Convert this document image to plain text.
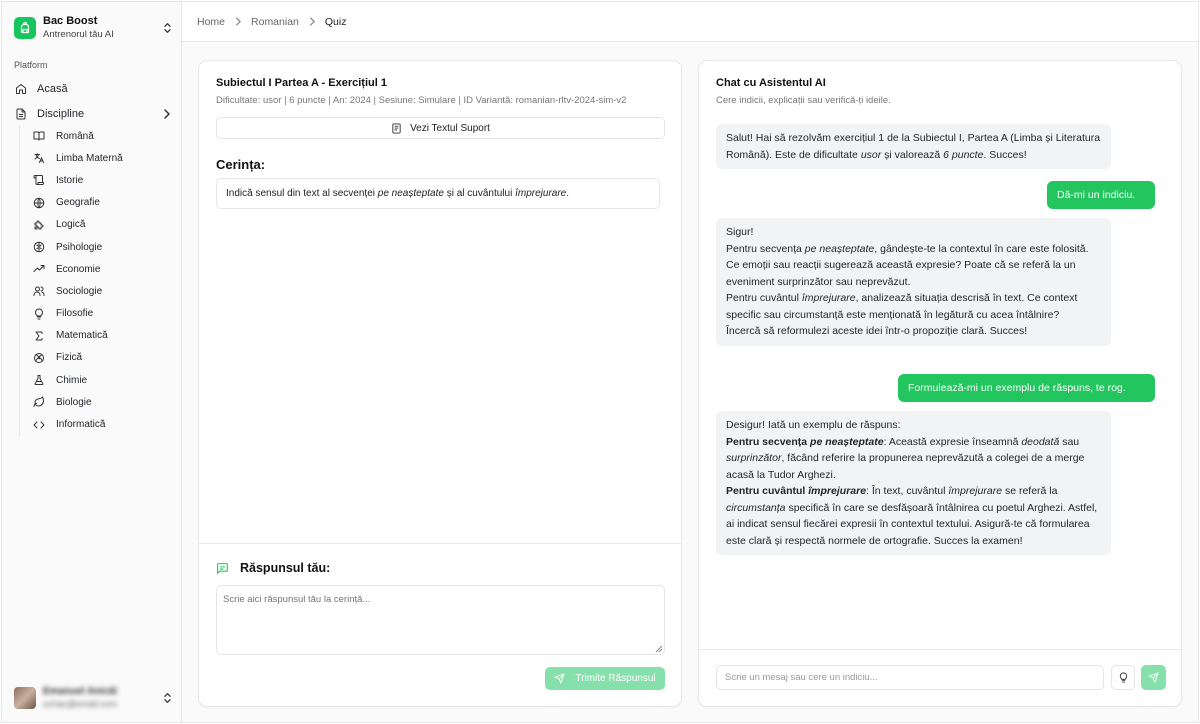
Bac Boost
Antrenorul tău AI
Platform
Acasă
Discipline
Română
Limba Maternă
Istorie
Geografie
Logică
Psihologie
Economie
Sociologie
Filosofie
Matematică
Fizică
Chimie
Biologie
Informatică
Emanuel Anicăi
ochac@email.com
Home Romanian Quiz
Subiectul I Partea A - Exercițiul 1
Dificultate: usor | 6 puncte | An: 2024 | Sesiune: Simulare | ID Variantă: romanian-rltv-2024-sim-v2
Vezi Textul Suport
Cerința:
Indică sensul din text al secvenței pe neașteptate și al cuvântului împrejurare.
Răspunsul tău:
Scrie aici răspunsul tău la cerință...
Trimite Răspunsul
Chat cu Asistentul AI
Cere indicii, explicații sau verifică-ți ideile.
Salut! Hai să rezolvăm exercițiul 1 de la Subiectul I, Partea A (Limba și Literatura Română). Este de dificultate usor și valorează 6 puncte. Succes!
Dă-mi un indiciu.
Sigur!
Pentru secvența pe neașteptate, gândește-te la contextul în care este folosită. Ce emoții sau reacții sugerează această expresie? Poate că se referă la un eveniment surprinzător sau neprevăzut.
Pentru cuvântul împrejurare, analizează situația descrisă în text. Ce context specific sau circumstanță este menționată în legătură cu acea întâlnire?
Încercă să reformulezi aceste idei într-o propoziție clară. Succes!
Formulează-mi un exemplu de răspuns, te rog.
Desigur! Iată un exemplu de răspuns:
Pentru secvența pe neașteptate: Această expresie înseamnă deodată sau surprinzător, făcând referire la propunerea neprevăzută a colegei de a merge acasă la Tudor Arghezi.
Pentru cuvântul împrejurare: În text, cuvântul împrejurare se referă la circumstanța specifică în care se desfășoară întâlnirea cu poetul Arghezi. Astfel, ai indicat sensul fiecărei expresii în contextul textului. Asigură-te că formularea este clară și respectă normele de ortografie. Succes la examen!
Scrie un mesaj sau cere un indiciu...
